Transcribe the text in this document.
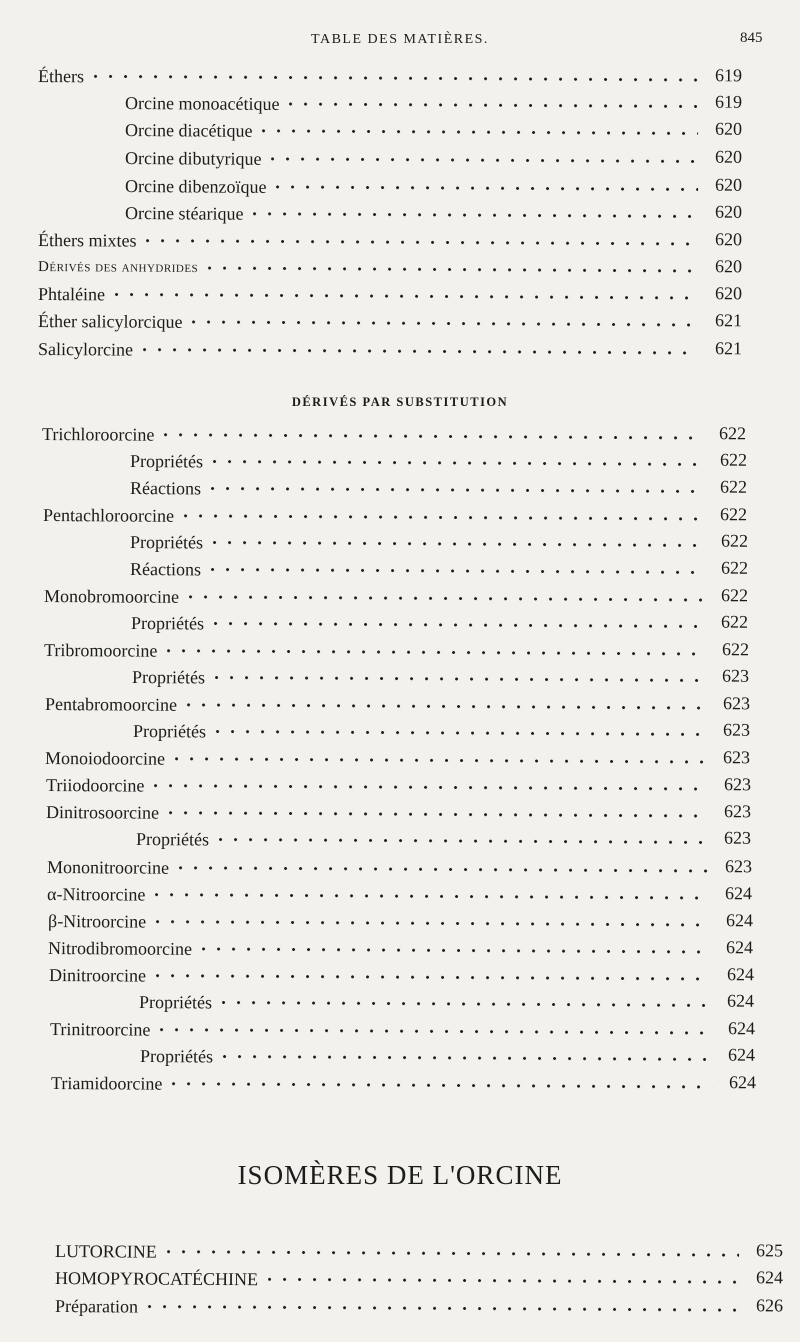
TABLE DES MATIÈRES.	845
Éthers	619
Orcine monoacétique	619
Orcine diacétique	620
Orcine dibutyrique	620
Orcine dibenzoïque	620
Orcine stéarique	620
Éthers mixtes	620
Dérivés des anhydrides	620
Phtaléine	620
Éther salicylorcique	621
Salicylorcine	621
DÉRIVÉS PAR SUBSTITUTION
Trichloroorcine	622
Propriétés	622
Réactions	622
Pentachloroorcine	622
Propriétés	622
Réactions	622
Monobromoorcine	622
Propriétés	622
Tribromoorcine	622
Propriétés	623
Pentabromoorcine	623
Propriétés	623
Monoiodoorcine	623
Triiodoorcine	623
Dinitrosoorcine	623
Propriétés	623
Mononitroorcine	623
α-Nitroorcine	624
β-Nitroorcine	624
Nitrodibromoorcine	624
Dinitroorcine	624
Propriétés	624
Trinitroorcine	624
Propriétés	624
Triamidoorcine	624
ISOMÈRES DE L'ORCINE
LUTORCINE	625
HOMOPYROCATÉCHINE	624
Préparation	626
